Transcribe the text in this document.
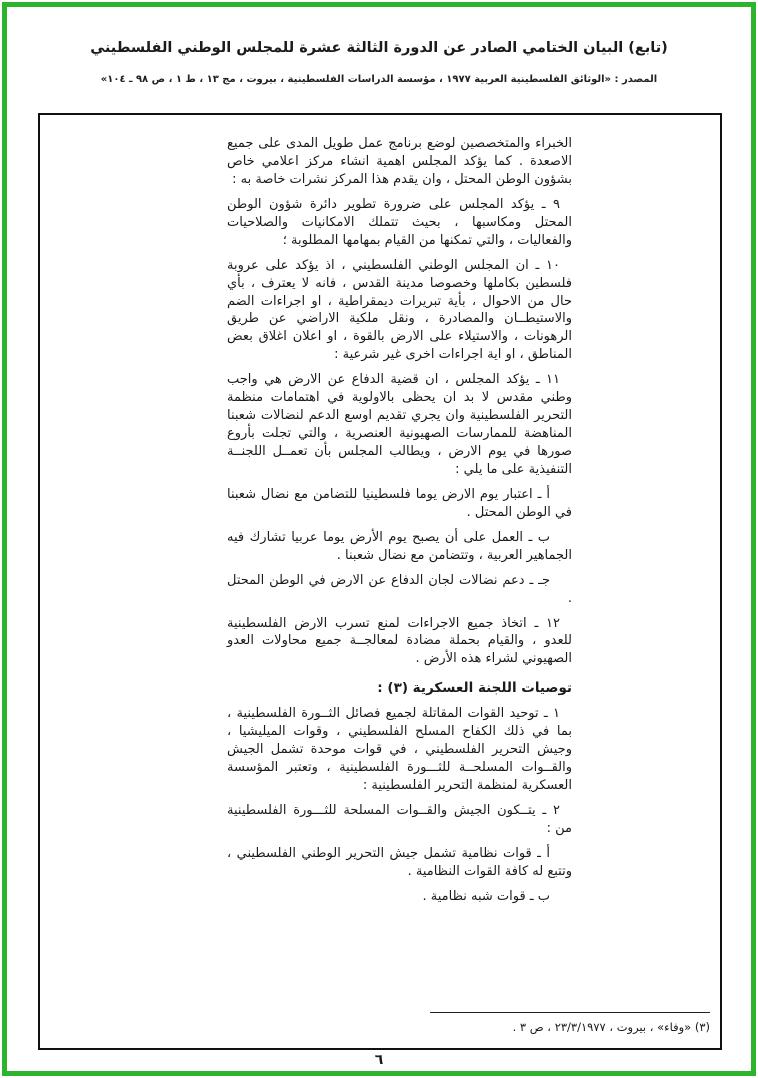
(تابع) البيان الختامي الصادر عن الدورة الثالثة عشرة للمجلس الوطني الفلسطيني
المصدر : «الوثائق الفلسطينية العربية ١٩٧٧ ، مؤسسة الدراسات الفلسطينية ، بيروت ، مج ١٣ ، ط ١ ، ص ٩٨ ـ ١٠٤»
الخبراء والمتخصصين لوضع برنامج عمل طويل المدى على جميع الاصعدة . كما يؤكد المجلس اهمية انشاء مركز اعلامي خاص بشؤون الوطن المحتل ، وان يقدم هذا المركز نشرات خاصة به :
٩ ـ يؤكد المجلس على ضرورة تطوير دائرة شؤون الوطن المحتل ومكاسبها ، بحيث تتملك الامكانيات والصلاحيات والفعاليات ، والتي تمكنها من القيام بمهامها المطلوبة ؛
١٠ ـ ان المجلس الوطني الفلسطيني ، اذ يؤكد على عروبة فلسطين بكاملها وخصوصا مدينة القدس ، فانه لا يعترف ، بأي حال من الاحوال ، بأية تبريرات ديمقراطية ، او اجراءات الضم والاستيطــان والمصادرة ، ونقل ملكية الاراضي عن طريق الرهونات ، والاستيلاء على الارض بالقوة ، او اعلان اغلاق بعض المناطق ، او اية اجراءات اخرى غير شرعية :
١١ ـ يؤكد المجلس ، ان قضية الدفاع عن الارض هي واجب وطني مقدس لا بد ان يحظى بالاولوية في اهتمامات منظمة التحرير الفلسطينية وان يجري تقديم اوسع الدعم لنضالات شعبنا المناهضة للممارسات الصهيونية العنصرية ، والتي تجلت بأروع صورها في يوم الارض ، ويطالب المجلس بأن تعمــل اللجنــة التنفيذية على ما يلي :
أ ـ اعتبار يوم الارض يوما فلسطينيا للتضامن مع نضال شعبنا في الوطن المحتل .
ب ـ العمل على أن يصبح يوم الأرض يوما عربيا تشارك فيه الجماهير العربية ، وتتضامن مع نضال شعبنا .
جـ ـ دعم نضالات لجان الدفاع عن الارض في الوطن المحتل .
١٢ ـ اتخاذ جميع الاجراءات لمنع تسرب الارض الفلسطينية للعدو ، والقيام بحملة مضادة لمعالجــة جميع محاولات العدو الصهيوني لشراء هذه الأرض .
توصيات اللجنة العسكرية (٣) :
١ ـ توحيد القوات المقاتلة لجميع فصائل الثــورة الفلسطينية ، بما في ذلك الكفاح المسلح الفلسطيني ، وقوات الميليشيا ، وجيش التحرير الفلسطيني ، في قوات موحدة تشمل الجيش والقــوات المسلحــة للثـــورة الفلسطينية ، وتعتبر المؤسسة العسكرية لمنظمة التحرير الفلسطينية :
٢ ـ يتــكون الجيش والقــوات المسلحة للثـــورة الفلسطينية من :
أ ـ قوات نظامية تشمل جيش التحرير الوطني الفلسطيني ، وتتبع له كافة القوات النظامية .
ب ـ قوات شبه نظامية .
(٣) «وفاء» ، بيروت ، ٢٣/٣/١٩٧٧ ، ص ٣ .
٦
